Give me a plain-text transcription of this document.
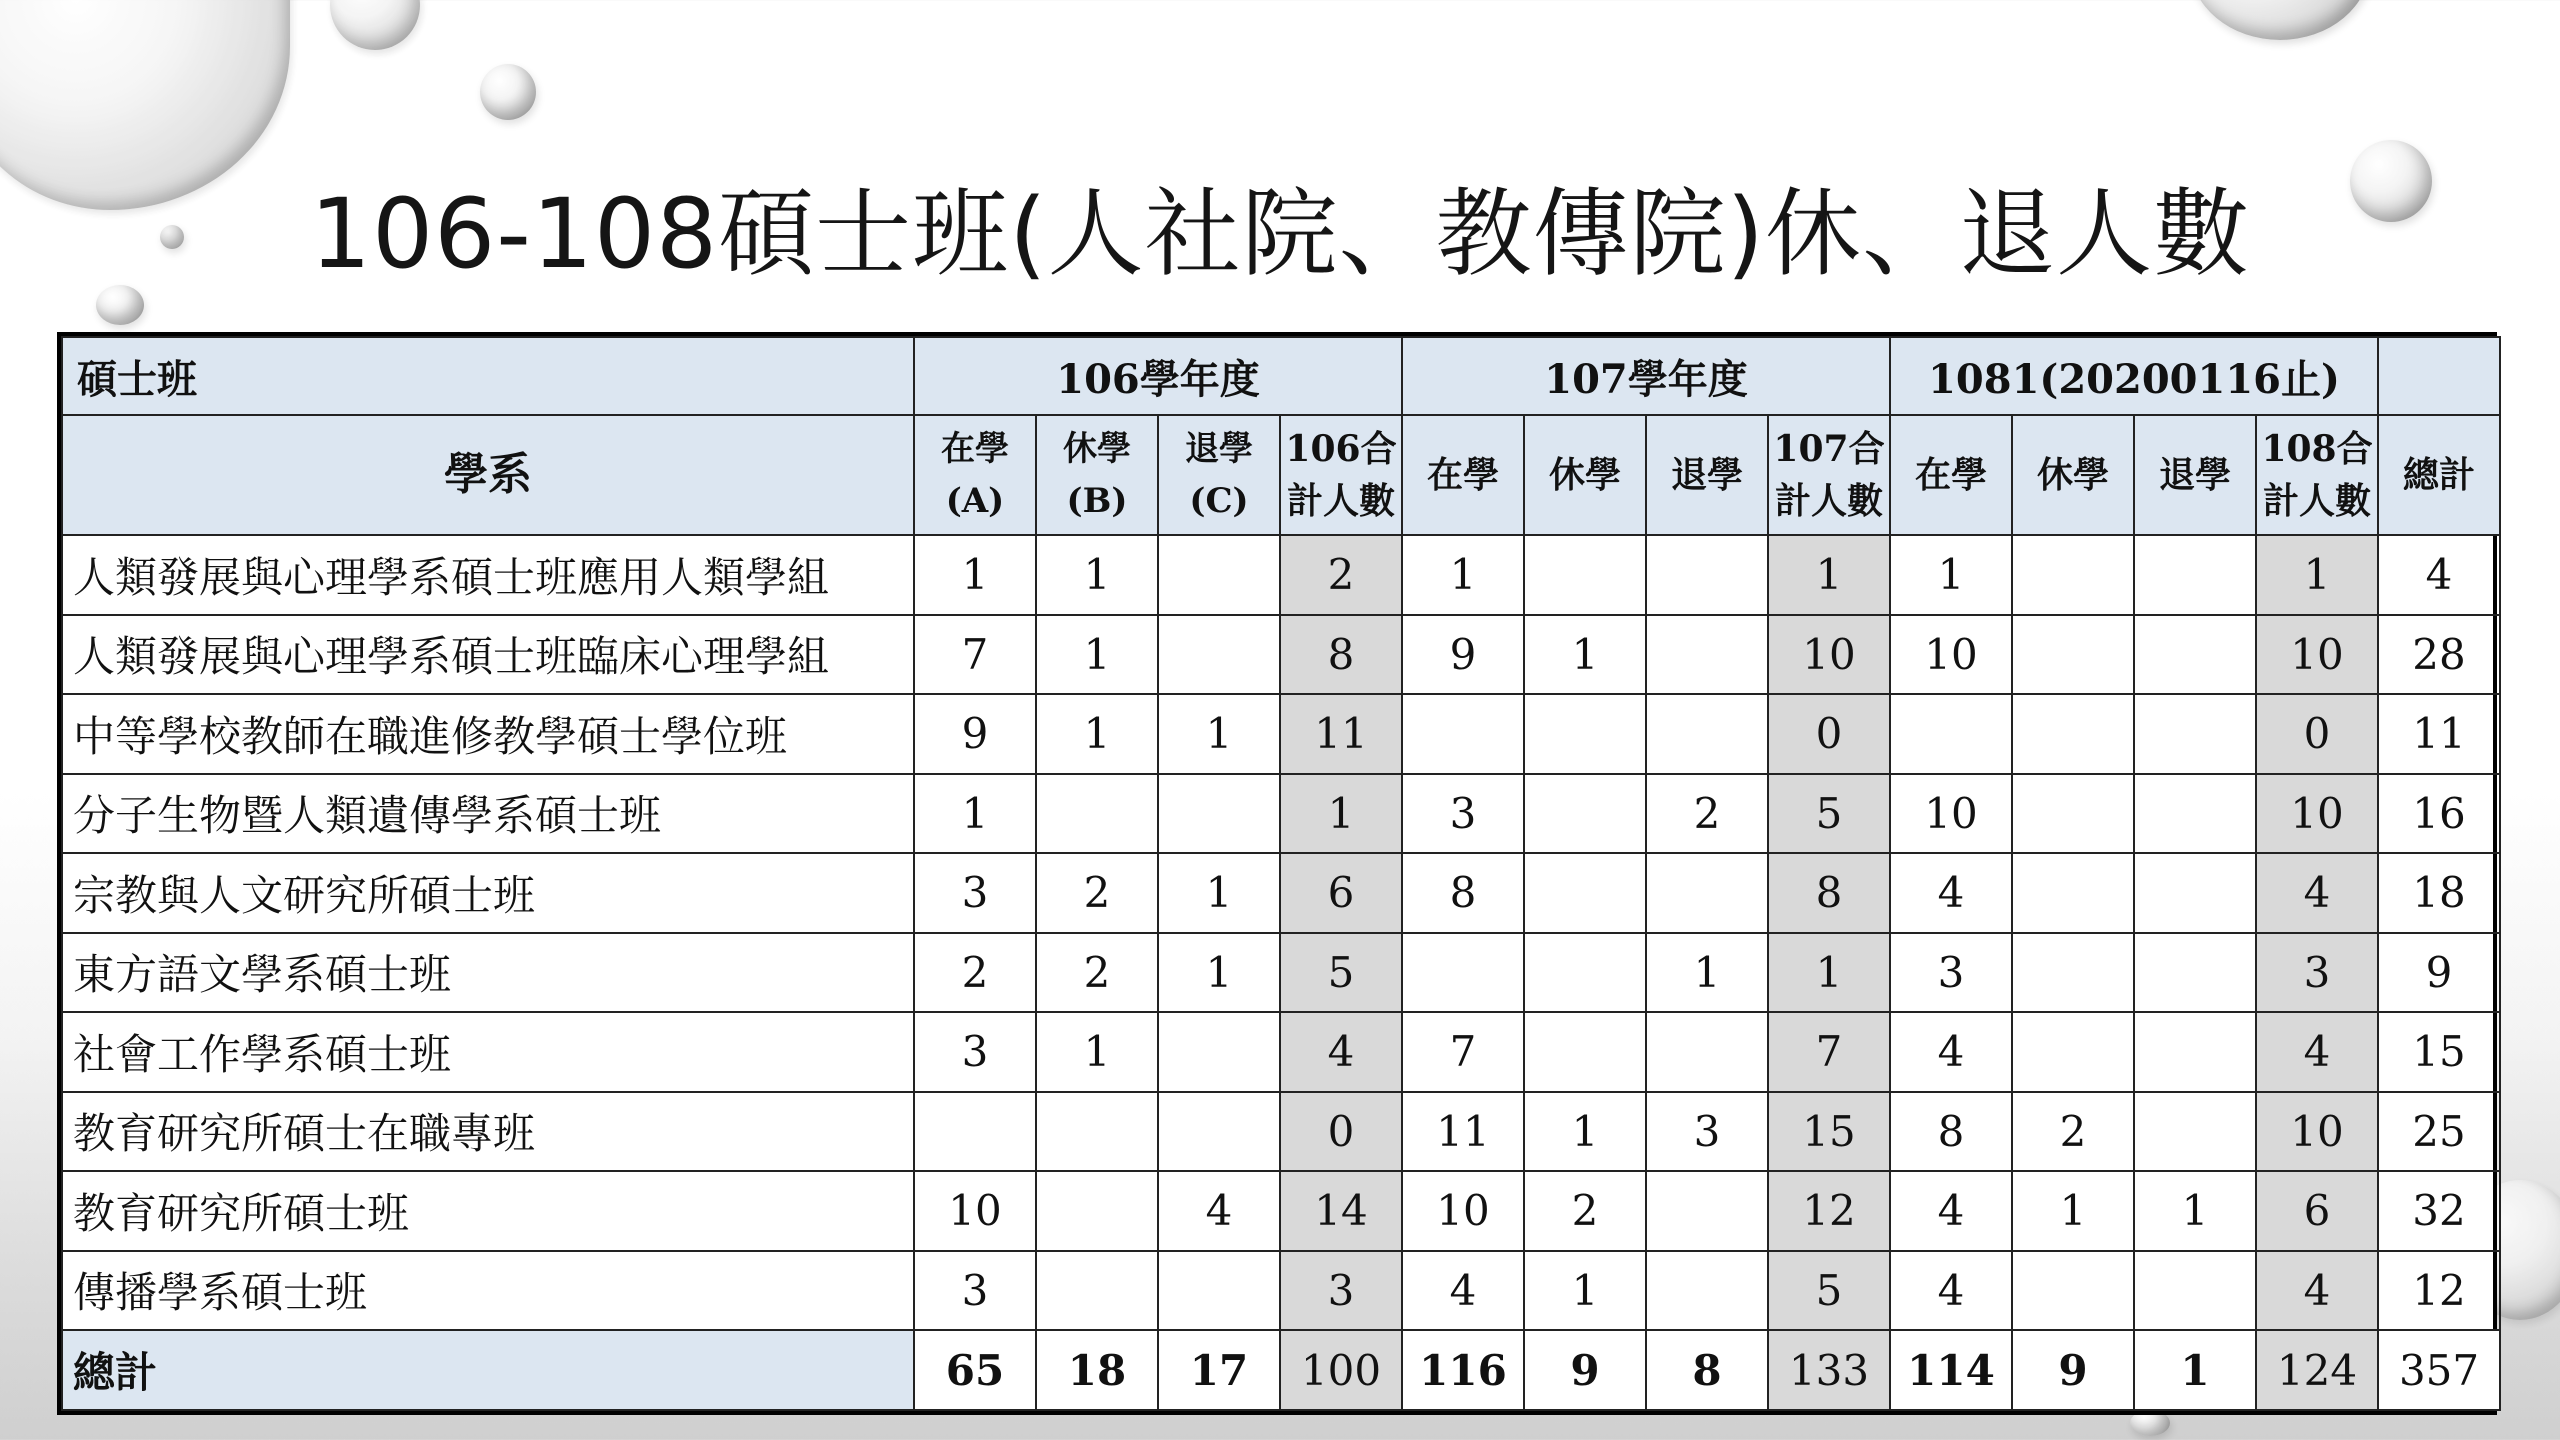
106-108碩士班(人社院、教傳院)休、退人數
碩士班	106學年度				107學年度				1081(20200116止)				
學系	在學(A)	休學(B)	退學(C)	106合計人數	在學	休學	退學	107合計人數	在學	休學	退學	108合計人數	總計
人類發展與心理學系碩士班應用人類學組	1	1		2	1			1	1			1	4
人類發展與心理學系碩士班臨床心理學組	7	1		8	9	1		10	10			10	28
中等學校教師在職進修教學碩士學位班	9	1	1	11				0				0	11
分子生物暨人類遺傳學系碩士班	1			1	3		2	5	10			10	16
宗教與人文研究所碩士班	3	2	1	6	8			8	4			4	18
東方語文學系碩士班	2	2	1	5			1	1	3			3	9
社會工作學系碩士班	3	1		4	7			7	4			4	15
教育研究所碩士在職專班				0	11	1	3	15	8	2		10	25
教育研究所碩士班	10		4	14	10	2		12	4	1	1	6	32
傳播學系碩士班	3			3	4	1		5	4			4	12
總計	65	18	17	100	116	9	8	133	114	9	1	124	357
